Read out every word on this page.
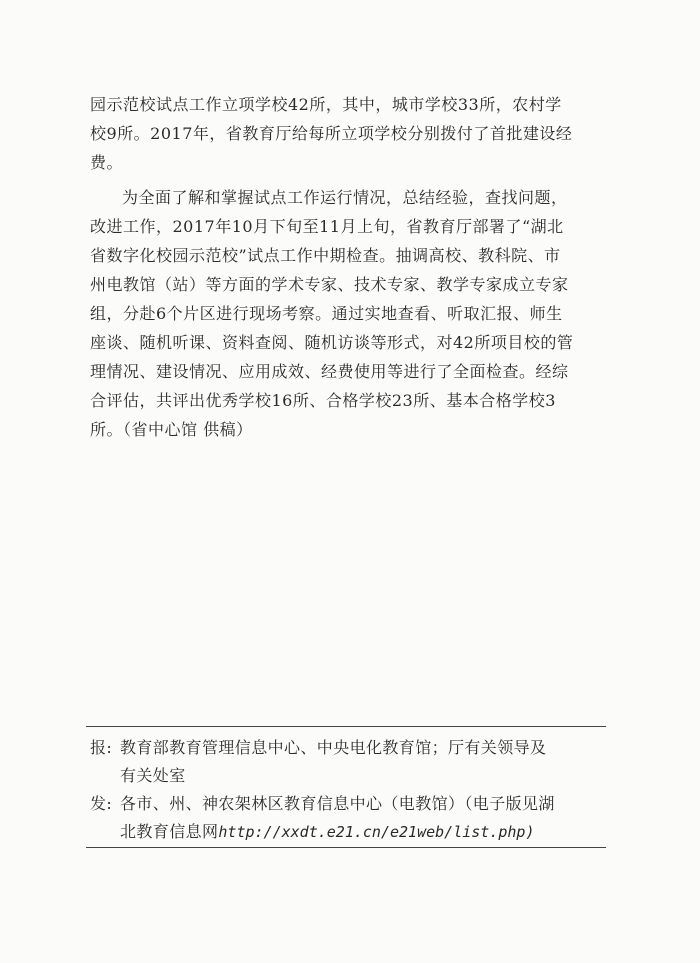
园示范校试点工作立项学校42所，其中，城市学校33所，农村学
校9所。2017年，省教育厅给每所立项学校分别拨付了首批建设经
费。

为全面了解和掌握试点工作运行情况，总结经验，查找问题，
改进工作，2017年10月下旬至11月上旬，省教育厅部署了“湖北
省数字化校园示范校”试点工作中期检查。抽调高校、教科院、市
州电教馆（站）等方面的学术专家、技术专家、教学专家成立专家
组，分赴6个片区进行现场考察。通过实地查看、听取汇报、师生
座谈、随机听课、资料查阅、随机访谈等形式，对42所项目校的管
理情况、建设情况、应用成效、经费使用等进行了全面检查。经综
合评估，共评出优秀学校16所、合格学校23所、基本合格学校3
所。（省中心馆 供稿）

报: 教育部教育管理信息中心、中央电化教育馆；厅有关领导及
有关处室
发: 各市、州、神农架林区教育信息中心（电教馆）（电子版见湖
北教育信息网http://xxdt.e21.cn/e21web/list.php)
